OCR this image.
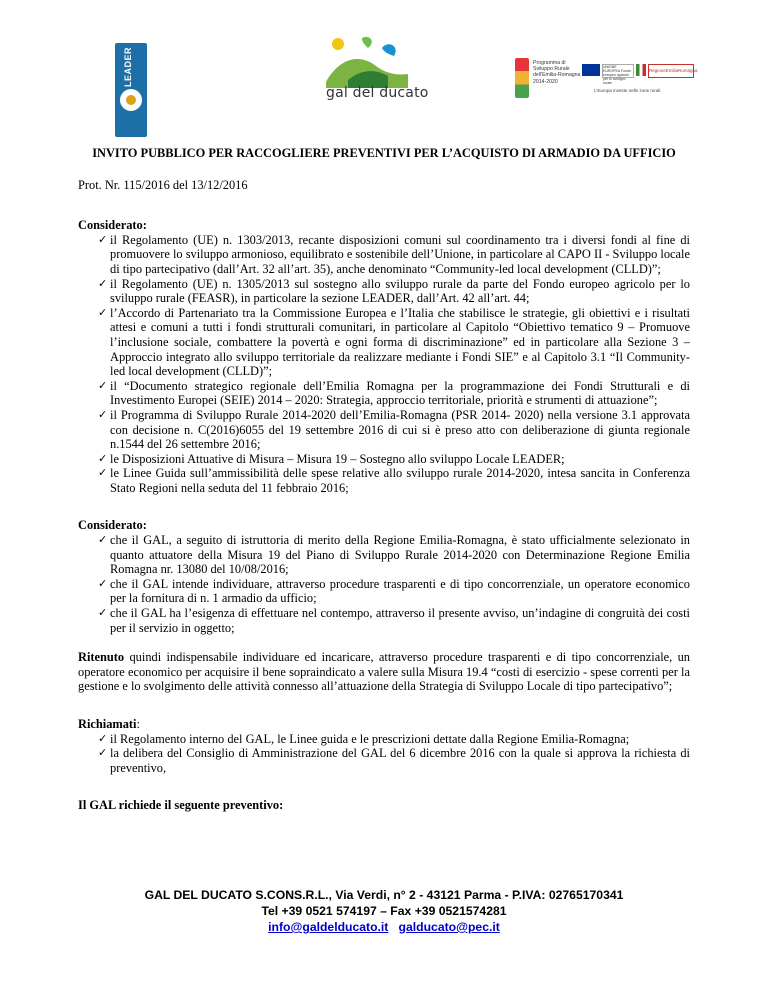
LEADER
gal del ducato
Programma di
Sviluppo Rurale
dell'Emilia-Romagna
2014-2020
UNIONE EUROPEA Fondo europeo agricolo per lo sviluppo rurale
RegioneEmiliaRomagna
L'Europa investe nelle zone rurali

INVITO PUBBLICO PER RACCOGLIERE PREVENTIVI PER L’ACQUISTO DI ARMADIO DA UFFICIO

Prot. Nr. 115/2016 del 13/12/2016

Considerato:

✓ il Regolamento (UE) n. 1303/2013, recante disposizioni comuni sul coordinamento tra i diversi fondi al fine di promuovere lo sviluppo armonioso, equilibrato e sostenibile dell’Unione, in particolare al CAPO II - Sviluppo locale di tipo partecipativo (dall’Art. 32 all’art. 35), anche denominato “Community-led local development (CLLD)”;
✓ il Regolamento (UE) n. 1305/2013 sul sostegno allo sviluppo rurale da parte del Fondo europeo agricolo per lo sviluppo rurale (FEASR), in particolare la sezione LEADER, dall’Art. 42 all’art. 44;
✓ l’Accordo di Partenariato tra la Commissione Europea e l’Italia che stabilisce le strategie, gli obiettivi e i risultati attesi e comuni a tutti i fondi strutturali comunitari, in particolare al Capitolo “Obiettivo tematico 9 – Promuove l’inclusione sociale, combattere la povertà e ogni forma di discriminazione” ed in particolare alla Sezione 3 –Approccio integrato allo sviluppo territoriale da realizzare mediante i Fondi SIE” e al Capitolo 3.1 “Il Community-led local development (CLLD)”;
✓ il “Documento strategico regionale dell’Emilia Romagna per la programmazione dei Fondi Strutturali e di Investimento Europei (SEIE) 2014 – 2020: Strategia, approccio territoriale, priorità e strumenti di attuazione”;
✓ il Programma di Sviluppo Rurale 2014-2020 dell’Emilia-Romagna (PSR 2014- 2020) nella versione 3.1 approvata con decisione n. C(2016)6055 del 19 settembre 2016 di cui si è preso atto con deliberazione di giunta regionale n.1544 del 26 settembre 2016;
✓ le Disposizioni Attuative di Misura – Misura 19 – Sostegno allo sviluppo Locale LEADER;
✓ le Linee Guida sull’ammissibilità delle spese relative allo sviluppo rurale 2014-2020, intesa sancita in Conferenza Stato Regioni nella seduta del 11 febbraio 2016;

Considerato:

✓ che il GAL, a seguito di istruttoria di merito della Regione Emilia-Romagna, è stato ufficialmente selezionato in quanto attuatore della Misura 19 del Piano di Sviluppo Rurale 2014-2020 con Determinazione Regione Emilia Romagna nr. 13080 del 10/08/2016;
✓ che il GAL intende individuare, attraverso procedure trasparenti e di tipo concorrenziale, un operatore economico per la fornitura di n. 1 armadio da ufficio;
✓ che il GAL ha l’esigenza di effettuare nel contempo, attraverso il presente avviso, un’indagine di congruità dei costi per il servizio in oggetto;

Ritenuto quindi indispensabile individuare ed incaricare, attraverso procedure trasparenti e di tipo concorrenziale, un operatore economico per acquisire il bene sopraindicato a valere sulla Misura 19.4 “costi di esercizio - spese correnti per la gestione e lo svolgimento delle attività connesso all’attuazione della Strategia di Sviluppo Locale di tipo partecipativo”;

Richiamati:

✓ il Regolamento interno del GAL, le Linee guida e le prescrizioni dettate dalla Regione Emilia-Romagna;
✓ la delibera del Consiglio di Amministrazione del GAL del 6 dicembre 2016 con la quale si approva la richiesta di preventivo,

Il GAL richiede il seguente preventivo:

GAL DEL DUCATO S.CONS.R.L., Via Verdi, n° 2 - 43121 Parma - P.IVA: 02765170341
Tel +39 0521 574197 – Fax +39 0521574281
info@galdelducato.it galducato@pec.it
